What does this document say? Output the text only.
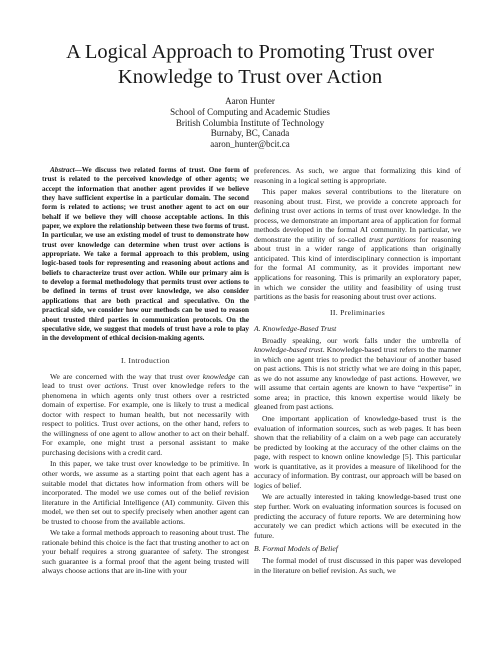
A Logical Approach to Promoting Trust over Knowledge to Trust over Action
Aaron Hunter
School of Computing and Academic Studies
British Columbia Institute of Technology
Burnaby, BC, Canada
aaron_hunter@bcit.ca

Abstract—We discuss two related forms of trust. One form of trust is related to the perceived knowledge of other agents; we accept the information that another agent provides if we believe they have sufficient expertise in a particular domain. The second form is related to actions; we trust another agent to act on our behalf if we believe they will choose acceptable actions. In this paper, we explore the relationship between these two forms of trust. In particular, we use an existing model of trust to demonstrate how trust over knowledge can determine when trust over actions is appropriate. We take a formal approach to this problem, using logic-based tools for representing and reasoning about actions and beliefs to characterize trust over action. While our primary aim is to develop a formal methodology that permits trust over actions to be defined in terms of trust over knowledge, we also consider applications that are both practical and speculative. On the practical side, we consider how our methods can be used to reason about trusted third parties in communication protocols. On the speculative side, we suggest that models of trust have a role to play in the development of ethical decision-making agents.

I. Introduction

We are concerned with the way that trust over knowledge can lead to trust over actions. Trust over knowledge refers to the phenomena in which agents only trust others over a restricted domain of expertise. For example, one is likely to trust a medical doctor with respect to human health, but not necessarily with respect to politics. Trust over actions, on the other hand, refers to the willingness of one agent to allow another to act on their behalf. For example, one might trust a personal assistant to make purchasing decisions with a credit card.

In this paper, we take trust over knowledge to be primitive. In other words, we assume as a starting point that each agent has a suitable model that dictates how information from others will be incorporated. The model we use comes out of the belief revision literature in the Artificial Intelligence (AI) community. Given this model, we then set out to specify precisely when another agent can be trusted to choose from the available actions.

We take a formal methods approach to reasoning about trust. The rationale behind this choice is the fact that trusting another to act on your behalf requires a strong guarantee of safety. The strongest such guarantee is a formal proof that the agent being trusted will always choose actions that are in-line with your

preferences. As such, we argue that formalizing this kind of reasoning in a logical setting is appropriate.

This paper makes several contributions to the literature on reasoning about trust. First, we provide a concrete approach for defining trust over actions in terms of trust over knowledge. In the process, we demonstrate an important area of application for formal methods developed in the formal AI community. In particular, we demonstrate the utility of so-called trust partitions for reasoning about trust in a wider range of applications than originally anticipated. This kind of interdisciplinary connection is important for the formal AI community, as it provides important new applications for reasoning. This is primarily an exploratory paper, in which we consider the utility and feasibility of using trust partitions as the basis for reasoning about trust over actions.

II. Preliminaries
A. Knowledge-Based Trust

Broadly speaking, our work falls under the umbrella of knowledge-based trust. Knowledge-based trust refers to the manner in which one agent tries to predict the behaviour of another based on past actions. This is not strictly what we are doing in this paper, as we do not assume any knowledge of past actions. However, we will assume that certain agents are known to have “expertise” in some area; in practice, this known expertise would likely be gleaned from past actions.

One important application of knowledge-based trust is the evaluation of information sources, such as web pages. It has been shown that the reliability of a claim on a web page can accurately be predicted by looking at the accuracy of the other claims on the page, with respect to known online knowledge [5]. This particular work is quantitative, as it provides a measure of likelihood for the accuracy of information. By contrast, our approach will be based on logics of belief.

We are actually interested in taking knowledge-based trust one step further. Work on evaluating information sources is focused on predicting the accuracy of future reports. We are determining how accurately we can predict which actions will be executed in the future.

B. Formal Models of Belief

The formal model of trust discussed in this paper was developed in the literature on belief revision. As such, we
